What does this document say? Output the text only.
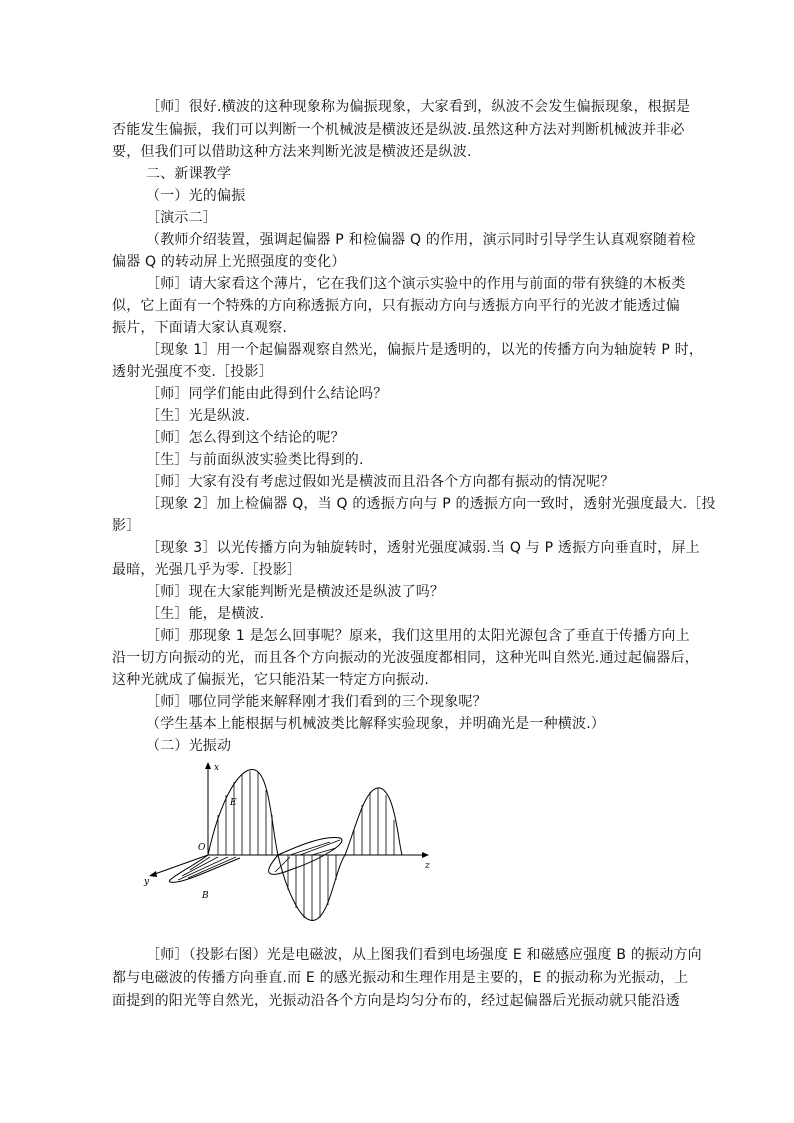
［师］很好.横波的这种现象称为偏振现象，大家看到，纵波不会发生偏振现象，根据是
否能发生偏振，我们可以判断一个机械波是横波还是纵波.虽然这种方法对判断机械波并非必
要，但我们可以借助这种方法来判断光波是横波还是纵波.
二、新课教学
（一）光的偏振
［演示二］
（教师介绍装置，强调起偏器 P 和检偏器 Q 的作用，演示同时引导学生认真观察随着检
偏器 Q 的转动屏上光照强度的变化）
［师］请大家看这个薄片，它在我们这个演示实验中的作用与前面的带有狭缝的木板类
似，它上面有一个特殊的方向称透振方向，只有振动方向与透振方向平行的光波才能透过偏
振片，下面请大家认真观察.
［现象 1］用一个起偏器观察自然光，偏振片是透明的，以光的传播方向为轴旋转 P 时，
透射光强度不变.［投影］
［师］同学们能由此得到什么结论吗？
［生］光是纵波.
［师］怎么得到这个结论的呢？
［生］与前面纵波实验类比得到的.
［师］大家有没有考虑过假如光是横波而且沿各个方向都有振动的情况呢？
［现象 2］加上检偏器 Q，当 Q 的透振方向与 P 的透振方向一致时，透射光强度最大.［投
影］
［现象 3］以光传播方向为轴旋转时，透射光强度减弱.当 Q 与 P 透振方向垂直时，屏上
最暗，光强几乎为零.［投影］
［师］现在大家能判断光是横波还是纵波了吗？
［生］能，是横波.
［师］那现象 1 是怎么回事呢？原来，我们这里用的太阳光源包含了垂直于传播方向上
沿一切方向振动的光，而且各个方向振动的光波强度都相同，这种光叫自然光.通过起偏器后，
这种光就成了偏振光，它只能沿某一特定方向振动.
［师］哪位同学能来解释刚才我们看到的三个现象呢？
（学生基本上能根据与机械波类比解释实验现象，并明确光是一种横波.）
（二）光振动
x
y
z
O
E
B
［师］（投影右图）光是电磁波，从上图我们看到电场强度 E 和磁感应强度 B 的振动方向
都与电磁波的传播方向垂直.而 E 的感光振动和生理作用是主要的，E 的振动称为光振动，上
面提到的阳光等自然光，光振动沿各个方向是均匀分布的，经过起偏器后光振动就只能沿透
